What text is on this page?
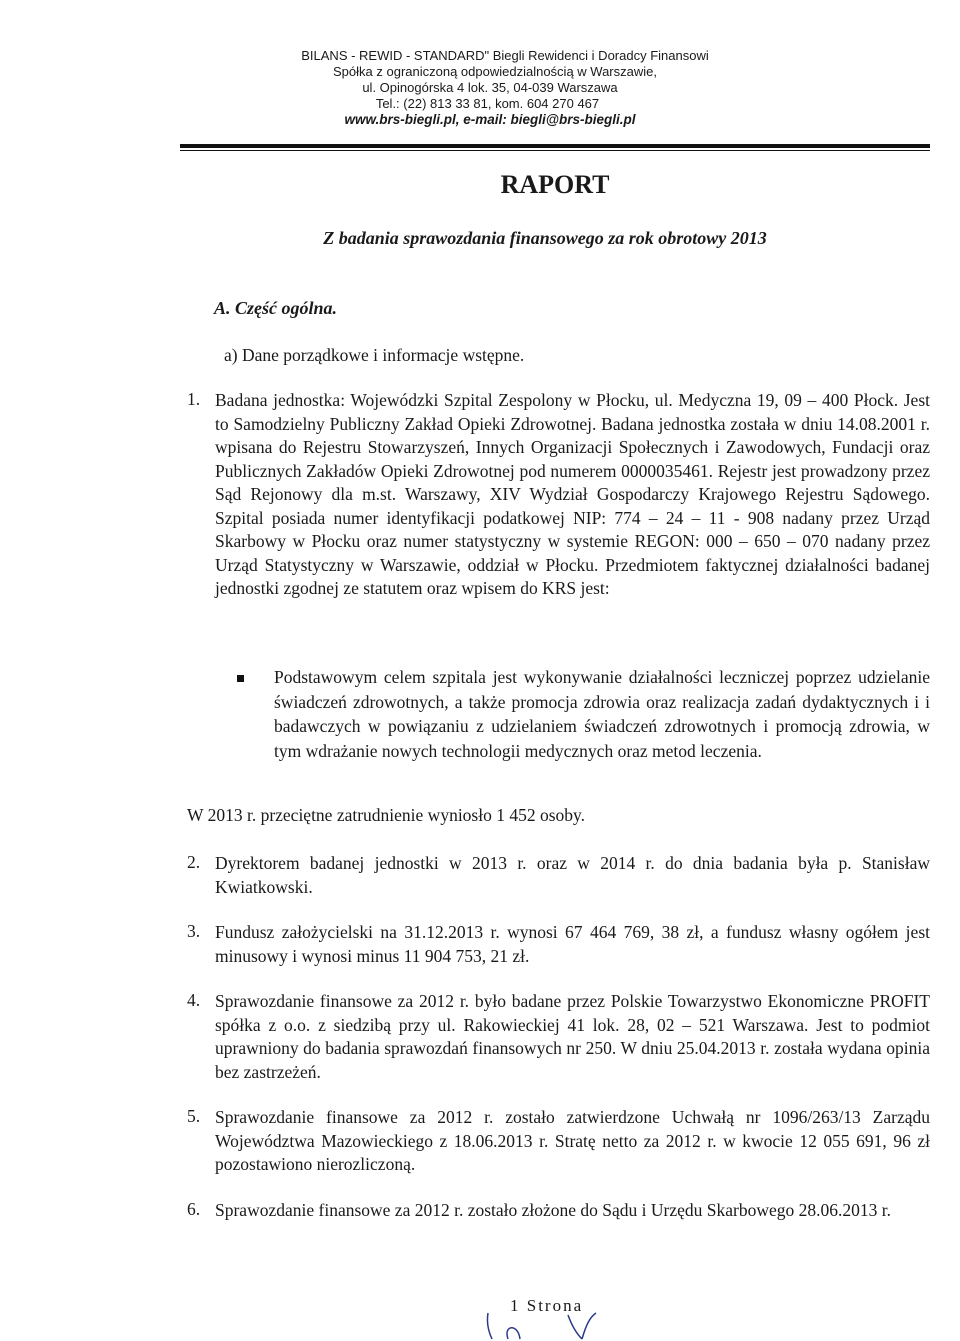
BILANS - REWID - STANDARD" Biegli Rewidenci i Doradcy Finansowi
Spółka z ograniczoną odpowiedzialnością w Warszawie,
ul. Opinogórska 4 lok. 35, 04-039 Warszawa
Tel.: (22) 813 33 81, kom. 604 270 467
www.brs-biegli.pl, e-mail: biegli@brs-biegli.pl
RAPORT
Z badania sprawozdania finansowego za rok obrotowy 2013
A. Część ogólna.
a) Dane porządkowe i informacje wstępne.
1. Badana jednostka: Wojewódzki Szpital Zespolony w Płocku, ul. Medyczna 19, 09 – 400 Płock. Jest to Samodzielny Publiczny Zakład Opieki Zdrowotnej. Badana jednostka została w dniu 14.08.2001 r. wpisana do Rejestru Stowarzyszeń, Innych Organizacji Społecznych i Zawodowych, Fundacji oraz Publicznych Zakładów Opieki Zdrowotnej pod numerem 0000035461. Rejestr jest prowadzony przez Sąd Rejonowy dla m.st. Warszawy, XIV Wydział Gospodarczy Krajowego Rejestru Sądowego. Szpital posiada numer identyfikacji podatkowej NIP: 774 – 24 – 11 - 908 nadany przez Urząd Skarbowy w Płocku oraz numer statystyczny w systemie REGON: 000 – 650 – 070 nadany przez Urząd Statystyczny w Warszawie, oddział w Płocku. Przedmiotem faktycznej działalności badanej jednostki zgodnej ze statutem oraz wpisem do KRS jest:
Podstawowym celem szpitala jest wykonywanie działalności leczniczej poprzez udzielanie świadczeń zdrowotnych, a także promocja zdrowia oraz realizacja zadań dydaktycznych i i badawczych w powiązaniu z udzielaniem świadczeń zdrowotnych i promocją zdrowia, w tym wdrażanie nowych technologii medycznych oraz metod leczenia.
W 2013 r. przeciętne zatrudnienie wyniosło 1 452 osoby.
2. Dyrektorem badanej jednostki w 2013 r. oraz w 2014 r. do dnia badania była p. Stanisław Kwiatkowski.
3. Fundusz założycielski na 31.12.2013 r. wynosi 67 464 769, 38 zł, a fundusz własny ogółem jest minusowy i wynosi minus 11 904 753, 21 zł.
4. Sprawozdanie finansowe za 2012 r. było badane przez Polskie Towarzystwo Ekonomiczne PROFIT spółka z o.o. z siedzibą przy ul. Rakowieckiej 41 lok. 28, 02 – 521 Warszawa. Jest to podmiot uprawniony do badania sprawozdań finansowych nr 250. W dniu 25.04.2013 r. została wydana opinia bez zastrzeżeń.
5. Sprawozdanie finansowe za 2012 r. zostało zatwierdzone Uchwałą nr 1096/263/13 Zarządu Województwa Mazowieckiego z 18.06.2013 r. Stratę netto za 2012 r. w kwocie 12 055 691, 96 zł pozostawiono nierozliczoną.
6. Sprawozdanie finansowe za 2012 r. zostało złożone do Sądu i Urzędu Skarbowego 28.06.2013 r.
1 Strona
